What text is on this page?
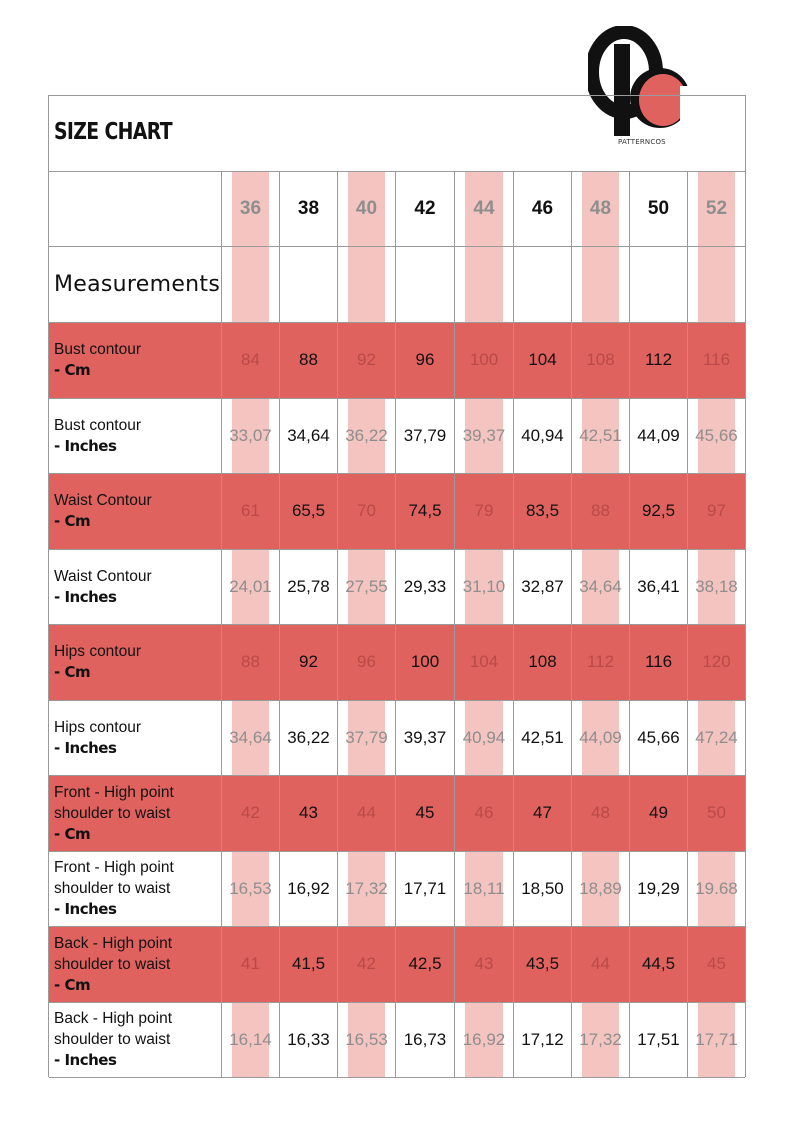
PATTERNCOS
SIZE CHART
36 38 40 42 44 46 48 50 52
Measurements
Bust contour
- Cm
84 88 92 96 100 104 108 112 116
Bust contour
- Inches
33,07 34,64 36,22 37,79 39,37 40,94 42,51 44,09 45,66
Waist Contour
- Cm
61 65,5 70 74,5 79 83,5 88 92,5 97
Waist Contour
- Inches
24,01 25,78 27,55 29,33 31,10 32,87 34,64 36,41 38,18
Hips contour
- Cm
88 92 96 100 104 108 112 116 120
Hips contour
- Inches
34,64 36,22 37,79 39,37 40,94 42,51 44,09 45,66 47,24
Front - High point
shoulder to waist
- Cm
42 43 44 45 46 47 48 49 50
Front - High point
shoulder to waist
- Inches
16,53 16,92 17,32 17,71 18,11 18,50 18,89 19,29 19.68
Back - High point
shoulder to waist
- Cm
41 41,5 42 42,5 43 43,5 44 44,5 45
Back - High point
shoulder to waist
- Inches
16,14 16,33 16,53 16,73 16,92 17,12 17,32 17,51 17,71
